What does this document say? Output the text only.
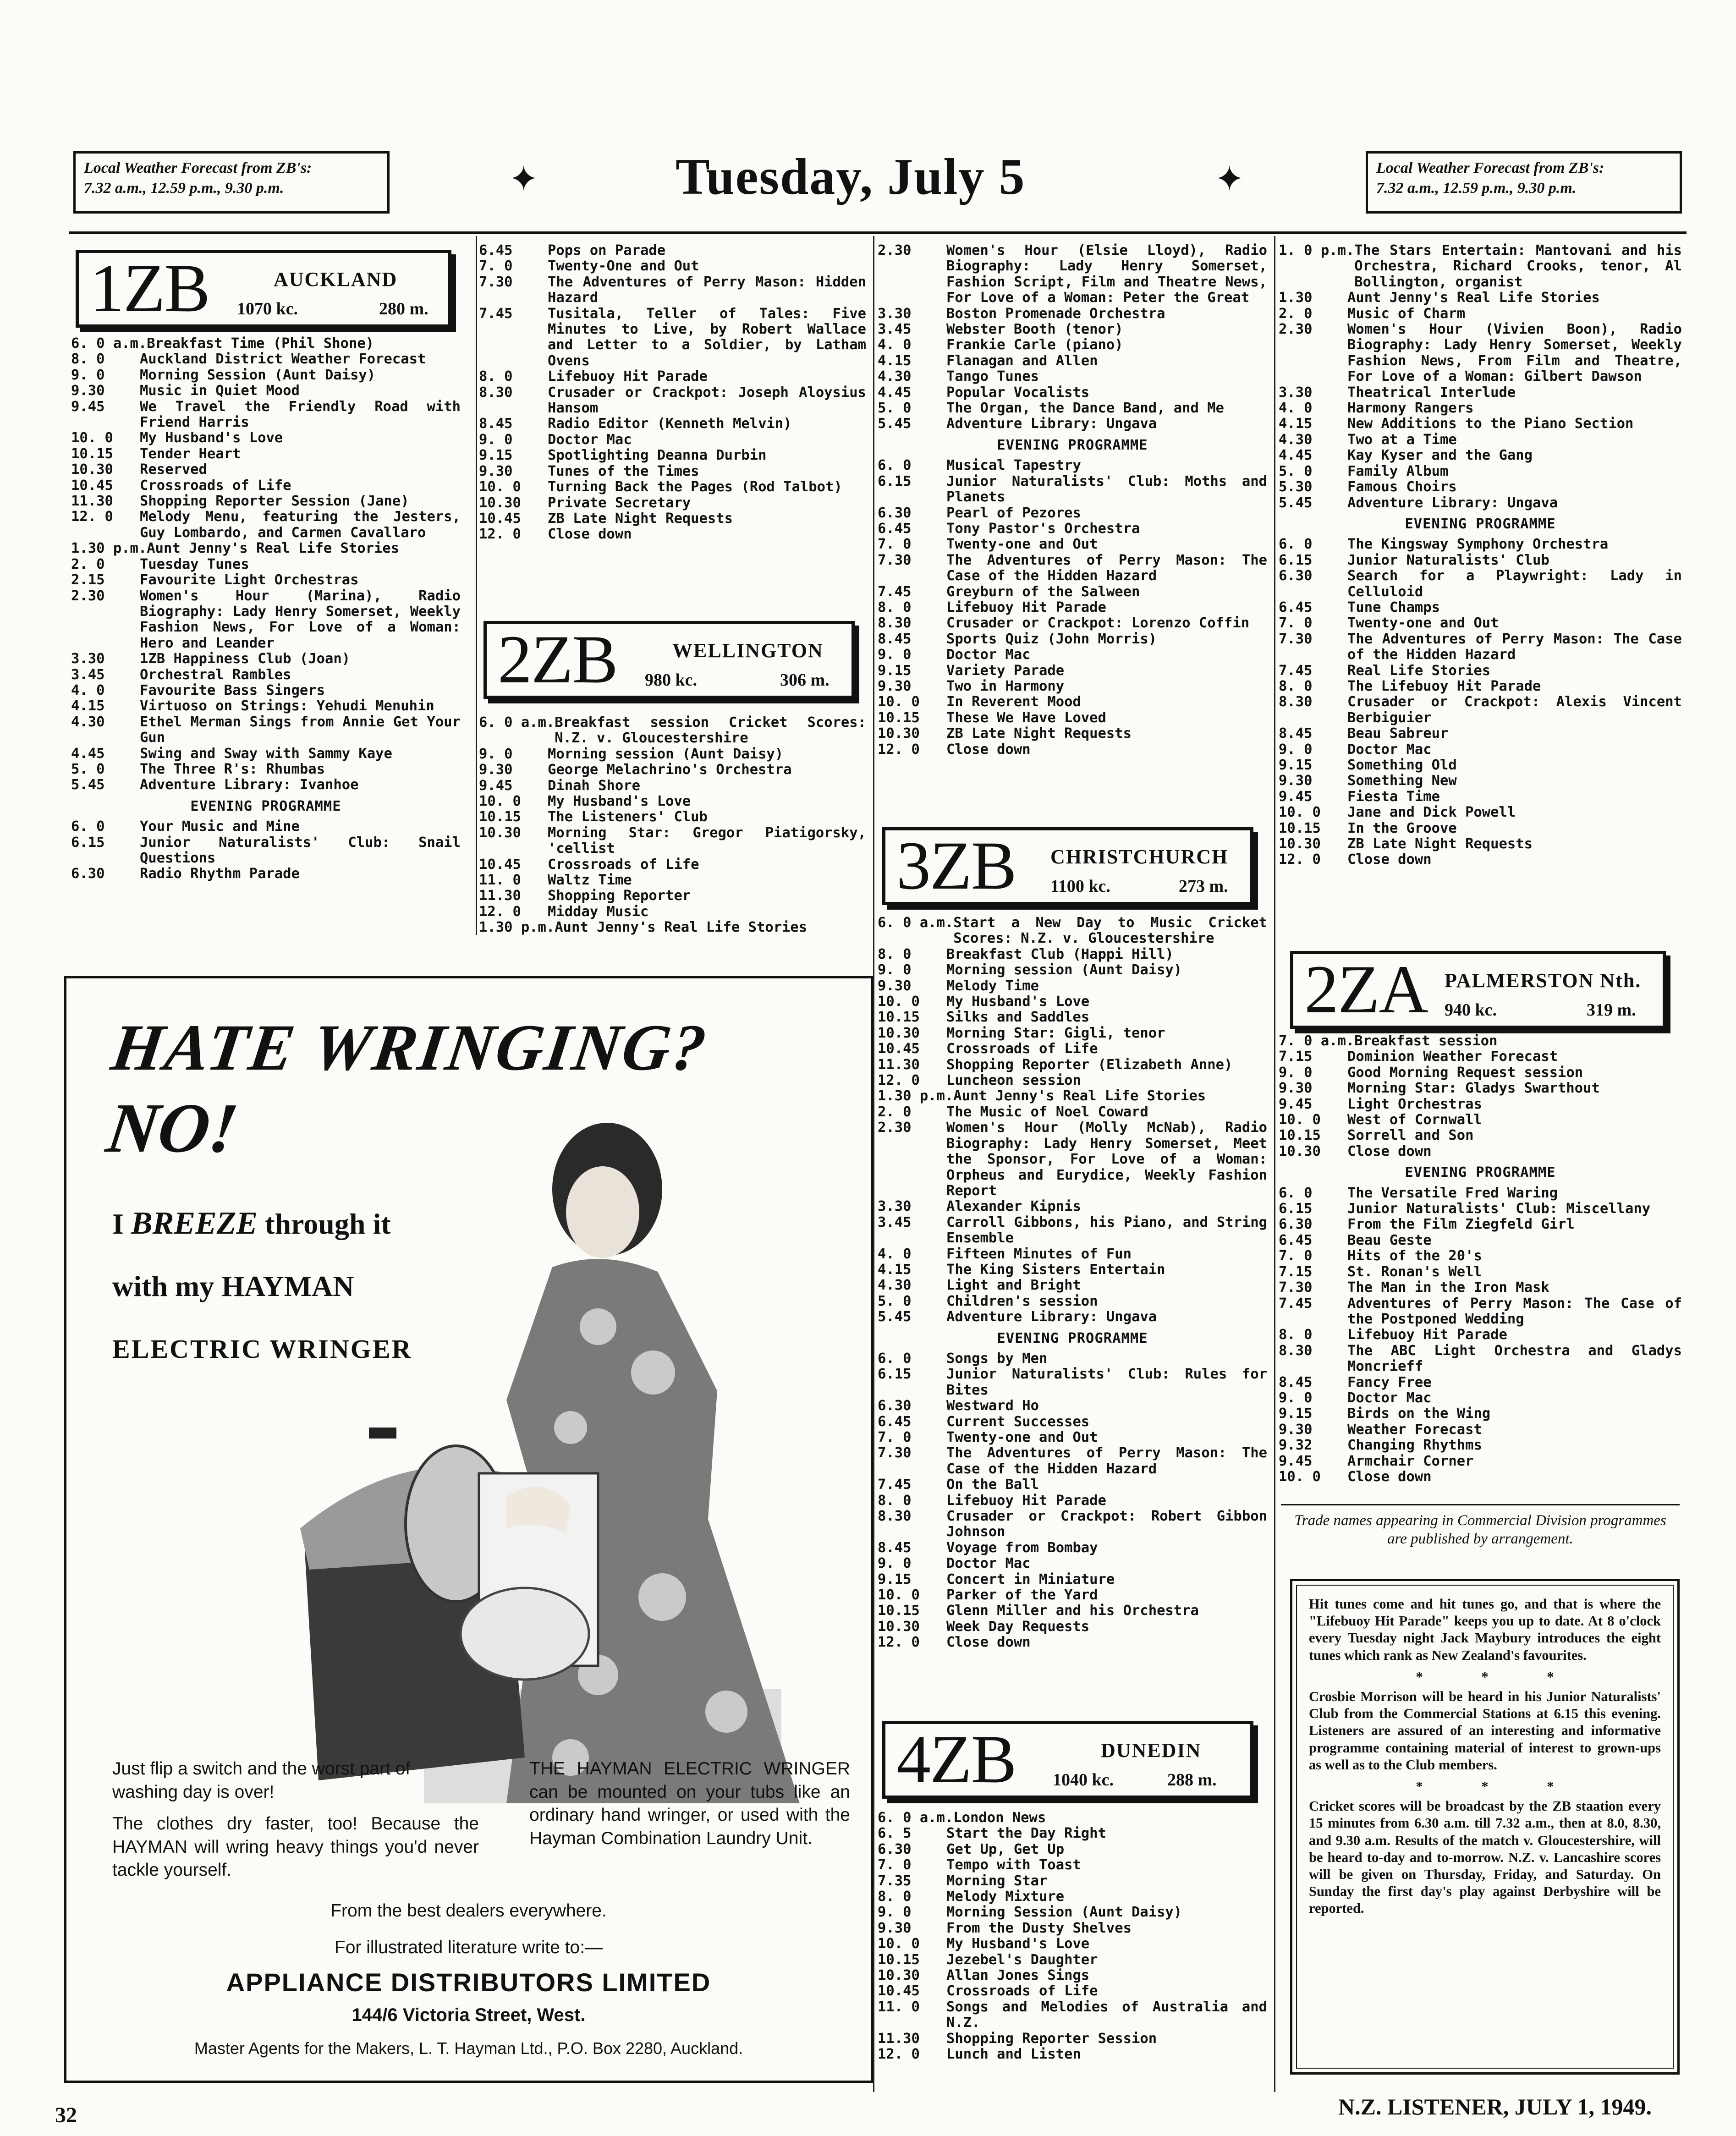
Local Weather Forecast from ZB's:
7.32 a.m., 12.59 p.m., 9.30 p.m.	✦	Tuesday, July 5	✦	Local Weather Forecast from ZB's:
7.32 a.m., 12.59 p.m., 9.30 p.m.
1ZB	AUCKLAND
1070 kc.	280 m.
6. 0 a.m. Breakfast Time (Phil Shone)
8. 0	Auckland District Weather Forecast
9. 0	Morning Session (Aunt Daisy)
9.30	Music in Quiet Mood
9.45	We Travel the Friendly Road with Friend Harris
10. 0	My Husband's Love
10.15	Tender Heart
10.30	Reserved
10.45	Crossroads of Life
11.30	Shopping Reporter Session (Jane)
12. 0	Melody Menu, featuring the Jesters, Guy Lombardo, and Carmen Cavallaro
1.30 p.m. Aunt Jenny's Real Life Stories
2. 0	Tuesday Tunes
2.15	Favourite Light Orchestras
2.30	Women's Hour (Marina), Radio Biography: Lady Henry Somerset, Weekly Fashion News, For Love of a Woman: Hero and Leander
3.30	1ZB Happiness Club (Joan)
3.45	Orchestral Rambles
4. 0	Favourite Bass Singers
4.15	Virtuoso on Strings: Yehudi Menuhin
4.30	Ethel Merman Sings from Annie Get Your Gun
4.45	Swing and Sway with Sammy Kaye
5. 0	The Three R's: Rhumbas
5.45	Adventure Library: Ivanhoe
EVENING PROGRAMME
6. 0	Your Music and Mine
6.15	Junior Naturalists' Club: Snail Questions
6.30	Radio Rhythm Parade
6.45	Pops on Parade
7. 0	Twenty-One and Out
7.30	The Adventures of Perry Mason: Hidden Hazard
7.45	Tusitala, Teller of Tales: Five Minutes to Live, by Robert Wallace and Letter to a Soldier, by Latham Ovens
8. 0	Lifebuoy Hit Parade
8.30	Crusader or Crackpot: Joseph Aloysius Hansom
8.45	Radio Editor (Kenneth Melvin)
9. 0	Doctor Mac
9.15	Spotlighting Deanna Durbin
9.30	Tunes of the Times
10. 0	Turning Back the Pages (Rod Talbot)
10.30	Private Secretary
10.45	ZB Late Night Requests
12. 0	Close down
2ZB	WELLINGTON
980 kc.	306 m.
6. 0 a.m. Breakfast session Cricket Scores: N.Z. v. Gloucestershire
9. 0	Morning session (Aunt Daisy)
9.30	George Melachrino's Orchestra
9.45	Dinah Shore
10. 0	My Husband's Love
10.15	The Listeners' Club
10.30	Morning Star: Gregor Piatigorsky, 'cellist
10.45	Crossroads of Life
11. 0	Waltz Time
11.30	Shopping Reporter
12. 0	Midday Music
1.30 p.m. Aunt Jenny's Real Life Stories
2.30	Women's Hour (Elsie Lloyd), Radio Biography: Lady Henry Somerset, Fashion Script, Film and Theatre News, For Love of a Woman: Peter the Great
3.30	Boston Promenade Orchestra
3.45	Webster Booth (tenor)
4. 0	Frankie Carle (piano)
4.15	Flanagan and Allen
4.30	Tango Tunes
4.45	Popular Vocalists
5. 0	The Organ, the Dance Band, and Me
5.45	Adventure Library: Ungava
EVENING PROGRAMME
6. 0	Musical Tapestry
6.15	Junior Naturalists' Club: Moths and Planets
6.30	Pearl of Pezores
6.45	Tony Pastor's Orchestra
7. 0	Twenty-one and Out
7.30	The Adventures of Perry Mason: The Case of the Hidden Hazard
7.45	Greyburn of the Salween
8. 0	Lifebuoy Hit Parade
8.30	Crusader or Crackpot: Lorenzo Coffin
8.45	Sports Quiz (John Morris)
9. 0	Doctor Mac
9.15	Variety Parade
9.30	Two in Harmony
10. 0	In Reverent Mood
10.15	These We Have Loved
10.30	ZB Late Night Requests
12. 0	Close down
3ZB CHRISTCHURCH
1100 kc.	273 m.
6. 0 a.m. Start a New Day to Music Cricket Scores: N.Z. v. Gloucestershire
8. 0	Breakfast Club (Happi Hill)
9. 0	Morning session (Aunt Daisy)
9.30	Melody Time
10. 0	My Husband's Love
10.15	Silks and Saddles
10.30	Morning Star: Gigli, tenor
10.45	Crossroads of Life
11.30	Shopping Reporter (Elizabeth Anne)
12. 0	Luncheon session
1.30 p.m. Aunt Jenny's Real Life Stories
2. 0	The Music of Noel Coward
2.30	Women's Hour (Molly McNab), Radio Biography: Lady Henry Somerset, Meet the Sponsor, For Love of a Woman: Orpheus and Eurydice, Weekly Fashion Report
3.30	Alexander Kipnis
3.45	Carroll Gibbons, his Piano, and String Ensemble
4. 0	Fifteen Minutes of Fun
4.15	The King Sisters Entertain
4.30	Light and Bright
5. 0	Children's session
5.45	Adventure Library: Ungava
EVENING PROGRAMME
6. 0	Songs by Men
6.15	Junior Naturalists' Club: Rules for Bites
6.30	Westward Ho
6.45	Current Successes
7. 0	Twenty-one and Out
7.30	The Adventures of Perry Mason: The Case of the Hidden Hazard
7.45	On the Ball
8. 0	Lifebuoy Hit Parade
8.30	Crusader or Crackpot: Robert Gibbon Johnson
8.45	Voyage from Bombay
9. 0	Doctor Mac
9.15	Concert in Miniature
10. 0	Parker of the Yard
10.15	Glenn Miller and his Orchestra
10.30	Week Day Requests
12. 0	Close down
4ZB	DUNEDIN
1040 kc.	288 m.
6. 0 a.m. London News
6. 5	Start the Day Right
6.30	Get Up, Get Up
7. 0	Tempo with Toast
7.35	Morning Star
8. 0	Melody Mixture
9. 0	Morning Session (Aunt Daisy)
9.30	From the Dusty Shelves
10. 0	My Husband's Love
10.15	Jezebel's Daughter
10.30	Allan Jones Sings
10.45	Crossroads of Life
11. 0	Songs and Melodies of Australia and N.Z.
11.30	Shopping Reporter Session
12. 0	Lunch and Listen
1. 0 p.m. The Stars Entertain: Mantovani and his Orchestra, Richard Crooks, tenor, Al Bollington, organist
1.30	Aunt Jenny's Real Life Stories
2. 0	Music of Charm
2.30	Women's Hour (Vivien Boon), Radio Biography: Lady Henry Somerset, Weekly Fashion News, From Film and Theatre, For Love of a Woman: Gilbert Dawson
3.30	Theatrical Interlude
4. 0	Harmony Rangers
4.15	New Additions to the Piano Section
4.30	Two at a Time
4.45	Kay Kyser and the Gang
5. 0	Family Album
5.30	Famous Choirs
5.45	Adventure Library: Ungava
EVENING PROGRAMME
6. 0	The Kingsway Symphony Orchestra
6.15	Junior Naturalists' Club
6.30	Search for a Playwright: Lady in Celluloid
6.45	Tune Champs
7. 0	Twenty-one and Out
7.30	The Adventures of Perry Mason: The Case of the Hidden Hazard
7.45	Real Life Stories
8. 0	The Lifebuoy Hit Parade
8.30	Crusader or Crackpot: Alexis Vincent Berbiguier
8.45	Beau Sabreur
9. 0	Doctor Mac
9.15	Something Old
9.30	Something New
9.45	Fiesta Time
10. 0	Jane and Dick Powell
10.15	In the Groove
10.30	ZB Late Night Requests
12. 0	Close down
2ZA PALMERSTON Nth.
940 kc.	319 m.
7. 0 a.m. Breakfast session
7.15	Dominion Weather Forecast
9. 0	Good Morning Request session
9.30	Morning Star: Gladys Swarthout
9.45	Light Orchestras
10. 0	West of Cornwall
10.15	Sorrell and Son
10.30	Close down
EVENING PROGRAMME
6. 0	The Versatile Fred Waring
6.15	Junior Naturalists' Club: Miscellany
6.30	From the Film Ziegfeld Girl
6.45	Beau Geste
7. 0	Hits of the 20's
7.15	St. Ronan's Well
7.30	The Man in the Iron Mask
7.45	Adventures of Perry Mason: The Case of the Postponed Wedding
8. 0	Lifebuoy Hit Parade
8.30	The ABC Light Orchestra and Gladys Moncrieff
8.45	Fancy Free
9. 0	Doctor Mac
9.15	Birds on the Wing
9.30	Weather Forecast
9.32	Changing Rhythms
9.45	Armchair Corner
10. 0	Close down
Trade names appearing in Commercial Division programmes are published by arrangement.

Hit tunes come and hit tunes go, and that is where the "Lifebuoy Hit Parade" keeps you up to date. At 8 o'clock every Tuesday night Jack Maybury introduces the eight tunes which rank as New Zealand's favourites.

* * *

Crosbie Morrison will be heard in his Junior Naturalists' Club from the Commercial Stations at 6.15 this evening. Listeners are assured of an interesting and informative programme containing material of interest to grown-ups as well as to the Club members.

* * *

Cricket scores will be broadcast by the ZB staation every 15 minutes from 6.30 a.m. till 7.32 a.m., then at 8.0, 8.30, and 9.30 a.m. Results of the match v. Gloucestershire, will be heard to-day and to-morrow. N.Z. v. Lancashire scores will be given on Thursday, Friday, and Saturday. On Sunday the first day's play against Derbyshire will be reported.

HATE WRINGING?
NO!
I BREEZE through it
with my HAYMAN
ELECTRIC WRINGER
Just flip a switch and the worst part of washing day is over!
The clothes dry faster, too! Because the HAYMAN will wring heavy things you'd never tackle yourself.
THE HAYMAN ELECTRIC WRINGER can be mounted on your tubs like an ordinary hand wringer, or used with the Hayman Combination Laundry Unit.
From the best dealers everywhere.
For illustrated literature write to:—
APPLIANCE DISTRIBUTORS LIMITED
144/6 Victoria Street, West.
Master Agents for the Makers, L. T. Hayman Ltd., P.O. Box 2280, Auckland.
32	N.Z. LISTENER, JULY 1, 1949.
